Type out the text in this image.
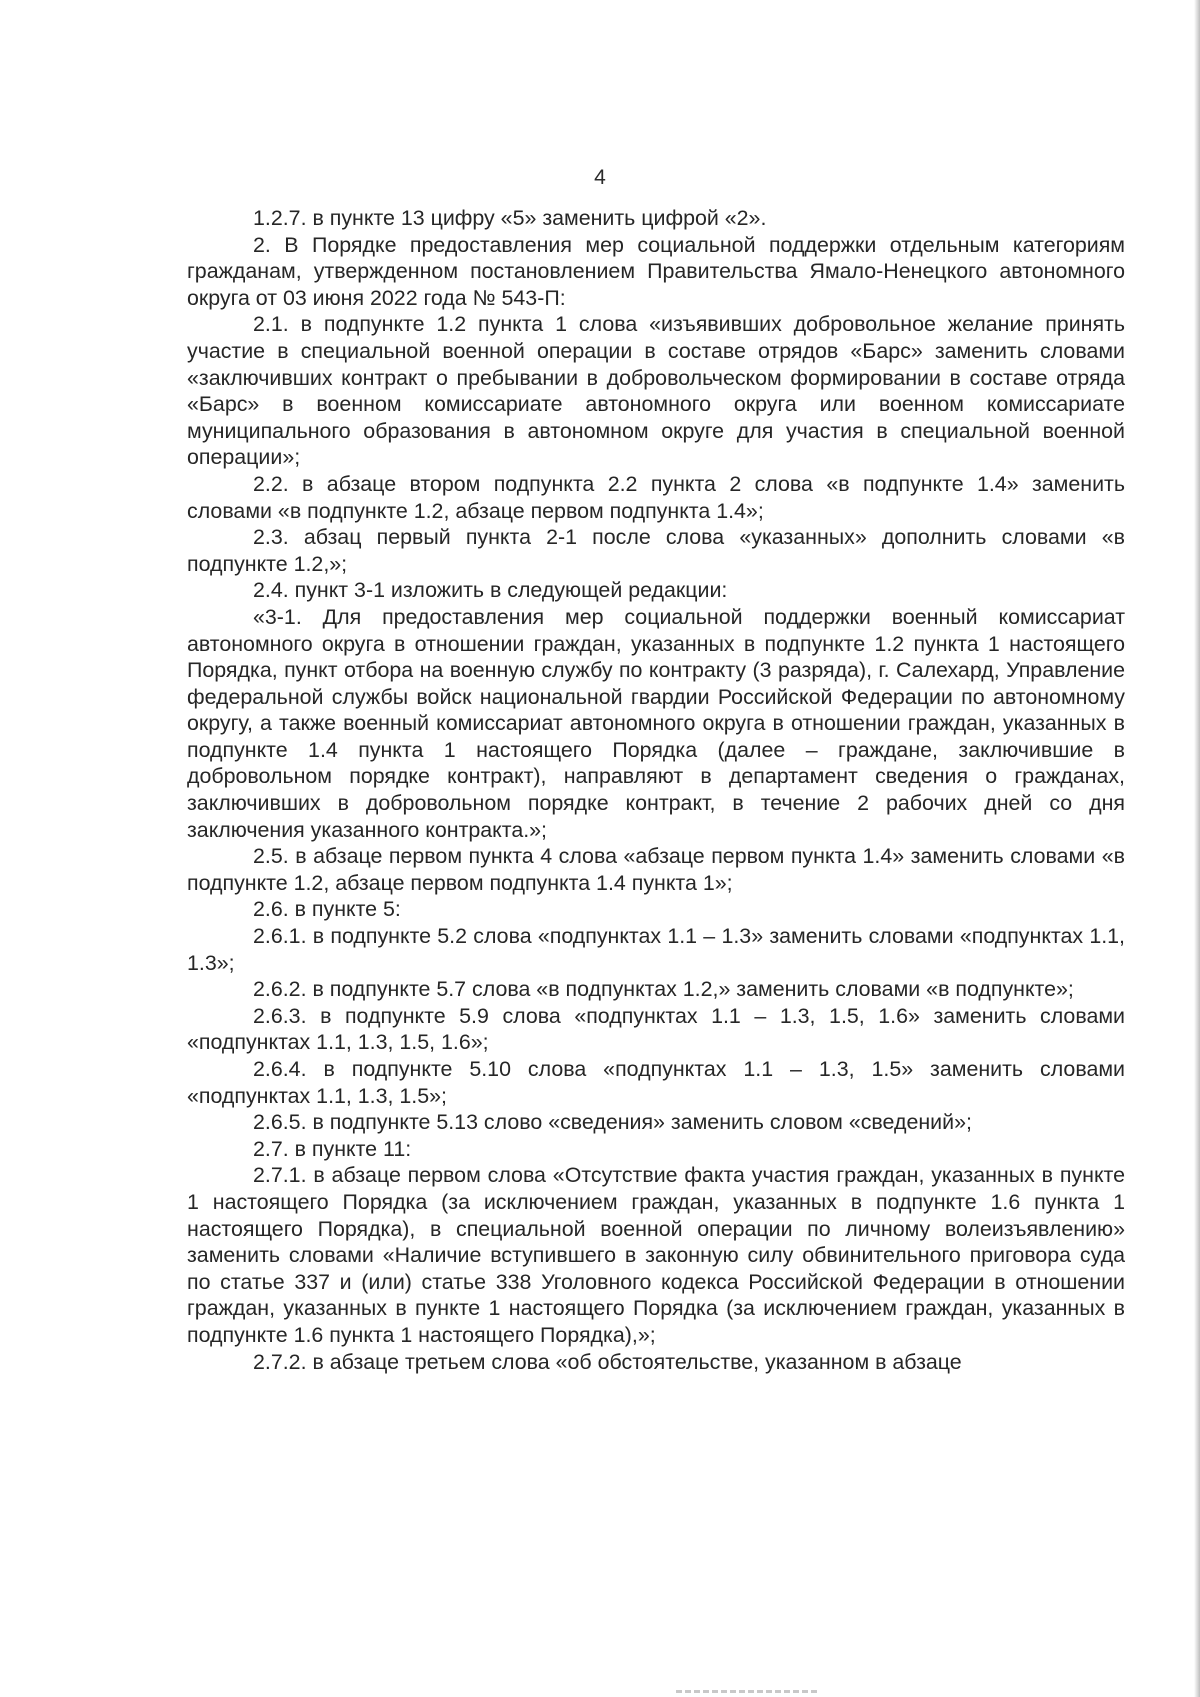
4

1.2.7. в пункте 13 цифру «5» заменить цифрой «2».

2. В Порядке предоставления мер социальной поддержки отдельным категориям гражданам, утвержденном постановлением Правительства Ямало-Ненецкого автономного округа от 03 июня 2022 года № 543-П:

2.1. в подпункте 1.2 пункта 1 слова «изъявивших добровольное желание принять участие в специальной военной операции в составе отрядов «Барс» заменить словами «заключивших контракт о пребывании в добровольческом формировании в составе отряда «Барс» в военном комиссариате автономного округа или военном комиссариате муниципального образования в автономном округе для участия в специальной военной операции»;

2.2. в абзаце втором подпункта 2.2 пункта 2 слова «в подпункте 1.4» заменить словами «в подпункте 1.2, абзаце первом подпункта 1.4»;

2.3. абзац первый пункта 2-1 после слова «указанных» дополнить словами «в подпункте 1.2,»;

2.4. пункт 3-1 изложить в следующей редакции:

«3-1. Для предоставления мер социальной поддержки военный комиссариат автономного округа в отношении граждан, указанных в подпункте 1.2 пункта 1 настоящего Порядка, пункт отбора на военную службу по контракту (3 разряда), г. Салехард, Управление федеральной службы войск национальной гвардии Российской Федерации по автономному округу, а также военный комиссариат автономного округа в отношении граждан, указанных в подпункте 1.4 пункта 1 настоящего Порядка (далее – граждане, заключившие в добровольном порядке контракт), направляют в департамент сведения о гражданах, заключивших в добровольном порядке контракт, в течение 2 рабочих дней со дня заключения указанного контракта.»;

2.5. в абзаце первом пункта 4 слова «абзаце первом пункта 1.4» заменить словами «в подпункте 1.2, абзаце первом подпункта 1.4 пункта 1»;

2.6. в пункте 5:

2.6.1. в подпункте 5.2 слова «подпунктах 1.1 – 1.3» заменить словами «подпунктах 1.1, 1.3»;

2.6.2. в подпункте 5.7 слова «в подпунктах 1.2,» заменить словами «в подпункте»;

2.6.3. в подпункте 5.9 слова «подпунктах 1.1 – 1.3, 1.5, 1.6» заменить словами «подпунктах 1.1, 1.3, 1.5, 1.6»;

2.6.4. в подпункте 5.10 слова «подпунктах 1.1 – 1.3, 1.5» заменить словами «подпунктах 1.1, 1.3, 1.5»;

2.6.5. в подпункте 5.13 слово «сведения» заменить словом «сведений»;

2.7. в пункте 11:

2.7.1. в абзаце первом слова «Отсутствие факта участия граждан, указанных в пункте 1 настоящего Порядка (за исключением граждан, указанных в подпункте 1.6 пункта 1 настоящего Порядка), в специальной военной операции по личному волеизъявлению» заменить словами «Наличие вступившего в законную силу обвинительного приговора суда по статье 337 и (или) статье 338 Уголовного кодекса Российской Федерации в отношении граждан, указанных в пункте 1 настоящего Порядка (за исключением граждан, указанных в подпункте 1.6 пункта 1 настоящего Порядка),»;

2.7.2. в абзаце третьем слова «об обстоятельстве, указанном в абзаце
